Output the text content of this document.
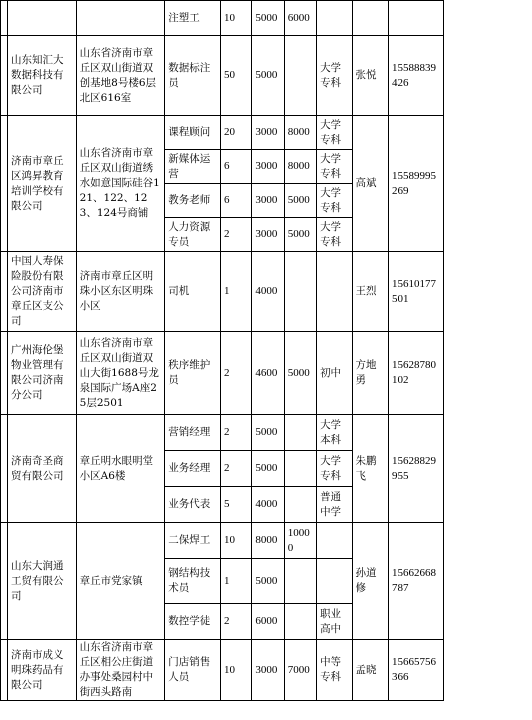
			注塑工	10	5000	6000			
	山东知汇大数据科技有限公司	山东省济南市章丘区双山街道双创基地8号楼6层北区616室	数据标注员	50	5000		大学专科	张悦	15588839426
	济南市章丘区鸿昇教育培训学校有限公司	山东省济南市章丘区双山街道绣水如意国际硅谷121、122、123、124号商铺	课程顾问	20	3000	8000	大学专科	高斌	15589995269
			新媒体运营	6	3000	8000	大学专科		
			教务老师	6	3000	5000	大学专科		
			人力资源专员	2	3000	5000	大学专科		
	中国人寿保险股份有限公司济南市章丘区支公司	济南市章丘区明珠小区东区明珠小区	司机	1	4000			王烈	15610177501
	广州海伦堡物业管理有限公司济南分公司	山东省济南市章丘区双山街道双山大街1688号龙泉国际广场A座25层2501	秩序维护员	2	4600	5000	初中	方地勇	15628780102
	济南奇圣商贸有限公司	章丘明水眼明堂小区A6楼	营销经理	2	5000		大学本科	朱鹏飞	15628829955
			业务经理	2	5000		大学专科		
			业务代表	5	4000		普通中学		
	山东大润通工贸有限公司	章丘市党家镇	二保焊工	10	8000	10000		孙道修	15662668787
			钢结构技术员	1	5000				
			数控学徒	2	6000		职业高中		
	济南市成义明珠药品有限公司	山东省济南市章丘区相公庄街道办事处桑园村中街西头路南	门店销售人员	10	3000	7000	中等专科	孟晓	15665756366
